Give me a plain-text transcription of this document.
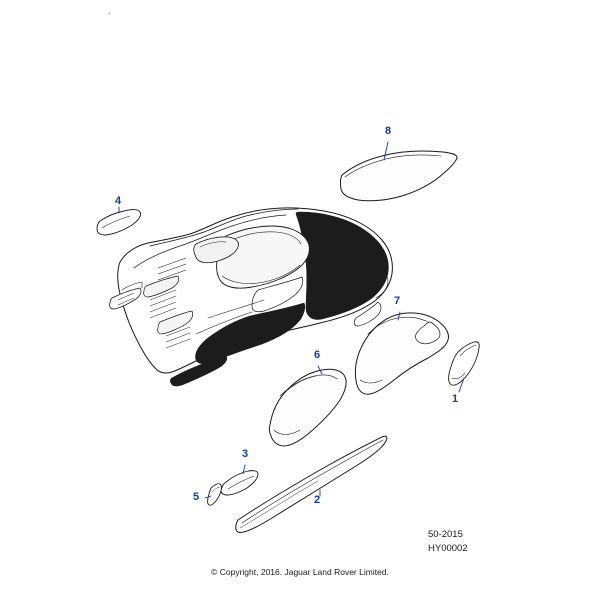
1
2
3
4
5
6
7
8
50-2015
HY00002
© Copyright, 2016. Jaguar Land Rover Limited.
